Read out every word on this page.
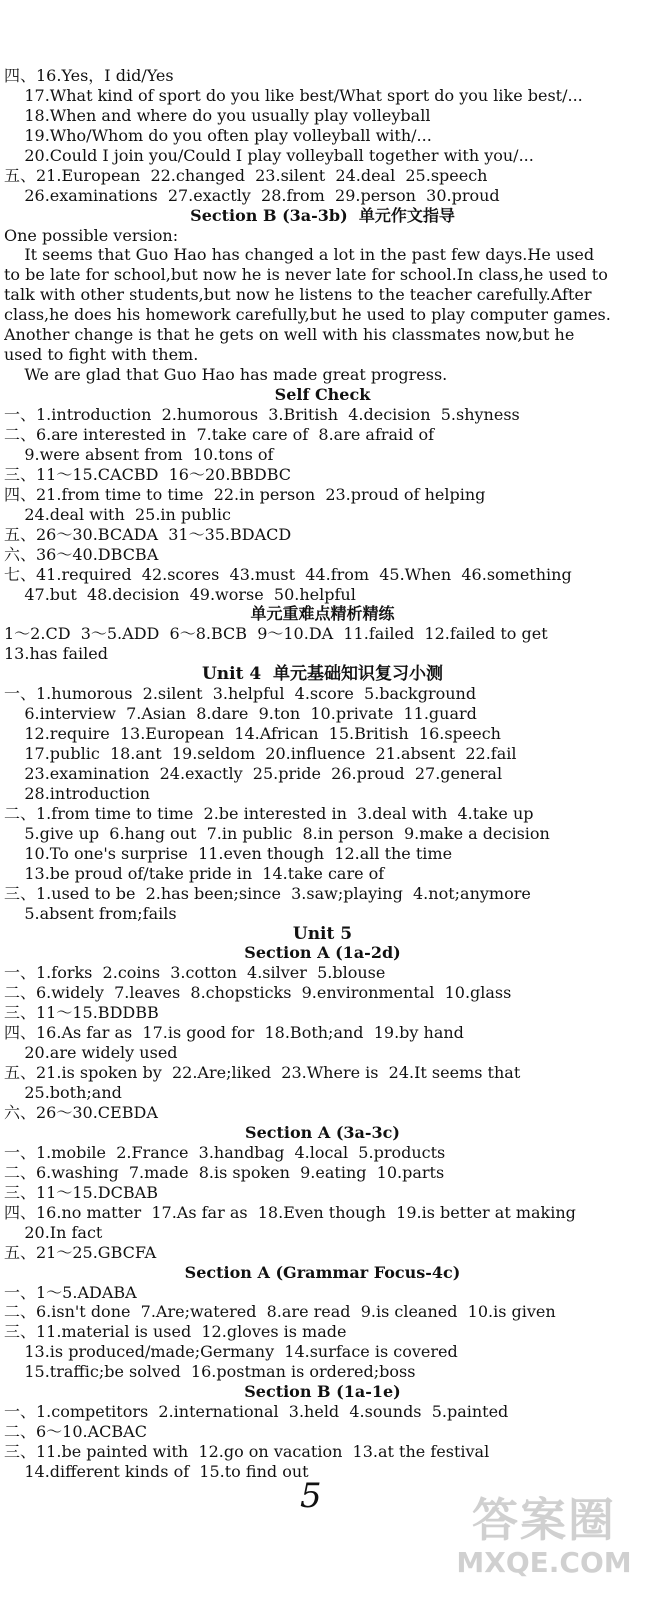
四、16.Yes，I did/Yes
17.What kind of sport do you like best/What sport do you like best/...
18.When and where do you usually play volleyball
19.Who/Whom do you often play volleyball with/...
20.Could I join you/Could I play volleyball together with you/...
五、21.European  22.changed  23.silent  24.deal  25.speech
26.examinations  27.exactly  28.from  29.person  30.proud
Section B (3a-3b)  单元作文指导
One possible version:
It seems that Guo Hao has changed a lot in the past few days.He used
to be late for school,but now he is never late for school.In class,he used to
talk with other students,but now he listens to the teacher carefully.After
class,he does his homework carefully,but he used to play computer games.
Another change is that he gets on well with his classmates now,but he
used to fight with them.
We are glad that Guo Hao has made great progress.
Self Check
一、1.introduction  2.humorous  3.British  4.decision  5.shyness
二、6.are interested in  7.take care of  8.are afraid of
9.were absent from  10.tons of
三、11～15.CACBD  16～20.BBDBC
四、21.from time to time  22.in person  23.proud of helping
24.deal with  25.in public
五、26～30.BCADA  31～35.BDACD
六、36～40.DBCBA
七、41.required  42.scores  43.must  44.from  45.When  46.something
47.but  48.decision  49.worse  50.helpful
单元重难点精析精练
1～2.CD  3～5.ADD  6～8.BCB  9～10.DA  11.failed  12.failed to get
13.has failed
Unit 4  单元基础知识复习小测
一、1.humorous  2.silent  3.helpful  4.score  5.background
6.interview  7.Asian  8.dare  9.ton  10.private  11.guard
12.require  13.European  14.African  15.British  16.speech
17.public  18.ant  19.seldom  20.influence  21.absent  22.fail
23.examination  24.exactly  25.pride  26.proud  27.general
28.introduction
二、1.from time to time  2.be interested in  3.deal with  4.take up
5.give up  6.hang out  7.in public  8.in person  9.make a decision
10.To one's surprise  11.even though  12.all the time
13.be proud of/take pride in  14.take care of
三、1.used to be  2.has been;since  3.saw;playing  4.not;anymore
5.absent from;fails
Unit 5
Section A (1a-2d)
一、1.forks  2.coins  3.cotton  4.silver  5.blouse
二、6.widely  7.leaves  8.chopsticks  9.environmental  10.glass
三、11～15.BDDBB
四、16.As far as  17.is good for  18.Both;and  19.by hand
20.are widely used
五、21.is spoken by  22.Are;liked  23.Where is  24.It seems that
25.both;and
六、26～30.CEBDA
Section A (3a-3c)
一、1.mobile  2.France  3.handbag  4.local  5.products
二、6.washing  7.made  8.is spoken  9.eating  10.parts
三、11～15.DCBAB
四、16.no matter  17.As far as  18.Even though  19.is better at making
20.In fact
五、21～25.GBCFA
Section A (Grammar Focus-4c)
一、1～5.ADABA
二、6.isn't done  7.Are;watered  8.are read  9.is cleaned  10.is given
三、11.material is used  12.gloves is made
13.is produced/made;Germany  14.surface is covered
15.traffic;be solved  16.postman is ordered;boss
Section B (1a-1e)
一、1.competitors  2.international  3.held  4.sounds  5.painted
二、6～10.ACBAC
三、11.be painted with  12.go on vacation  13.at the festival
14.different kinds of  15.to find out
5	答案圈
MXQE.COM
